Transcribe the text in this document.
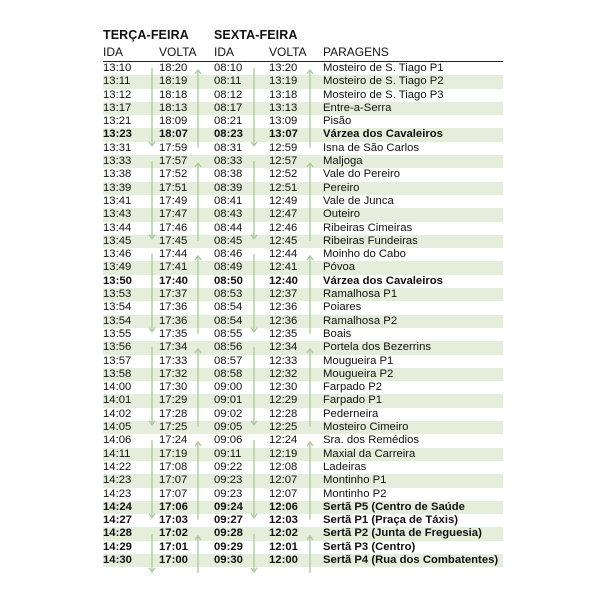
TERÇA-FEIRA SEXTA-FEIRA
IDA	VOLTA IDA	VOLTA PARAGENS
13:10 18:20 08:10 13:20 Mosteiro de S. Tiago P1
13:11	18:19 08:11 13:19 Mosteiro de S. Tiago P2
13:12 18:18 08:12 13:18 Mosteiro de S. Tiago P3
13:17 18:13 08:17 13:13 Entre-a-Serra
13:21 18:09 08:21 13:09 Pisão
13:23 18:07 08:23 13:07 Várzea dos Cavaleiros
13:31 17:59 08:31 12:59 Isna de São Carlos
13:33 17:57 08:33 12:57 Maljoga
13:38 17:52 08:38 12:52 Vale do Pereiro
13:39 17:51 08:39 12:51 Pereiro
13:41 17:49 08:41 12:49 Vale de Junca
13:43 17:47 08:43 12:47 Outeiro
13:44 17:46 08:44 12:46 Ribeiras Cimeiras
13:45 17:45 08:45 12:45 Ribeiras Fundeiras
13:46 17:44 08:46 12:44 Moinho do Cabo
13:49 17:41 08:49 12:41 Póvoa
13:50 17:40 08:50 12:40 Várzea dos Cavaleiros
13:53 17:37 08:53 12:37 Ramalhosa P1
13:54 17:36 08:54 12:36 Poiares
13:54 17:36 08:54 12:36 Ramalhosa P2
13:55 17:35 08:55 12:35 Boais
13:56 17:34 08:56 12:34 Portela dos Bezerrins
13:57 17:33 08:57 12:33 Mougueira P1
13:58 17:32 08:58 12:32 Mougueira P2
14:00 17:30 09:00 12:30 Farpado P2
14:01 17:29 09:01 12:29 Farpado P1
14:02 17:28 09:02 12:28 Pederneira
14:05 17:25 09:05 12:25 Mosteiro Cimeiro
14:06 17:24 09:06 12:24 Sra. dos Remédios
14:11	17:19 09:11 12:19 Maxial da Carreira
14:22 17:08 09:22 12:08 Ladeiras
14:23 17:07 09:23 12:07 Montinho P1
14:23 17:07 09:23 12:07 Montinho P2
14:24 17:06 09:24 12:06 Sertã P5 (Centro de Saúde
14:27 17:03 09:27 12:03 Sertã P1 (Praça de Táxis)
14:28 17:02 09:28 12:02 Sertã P2 (Junta de Freguesia)
14:29 17:01 09:29 12:01 Sertã P3 (Centro)
14:30 17:00 09:30 12:00 Sertã P4 (Rua dos Combatentes)
